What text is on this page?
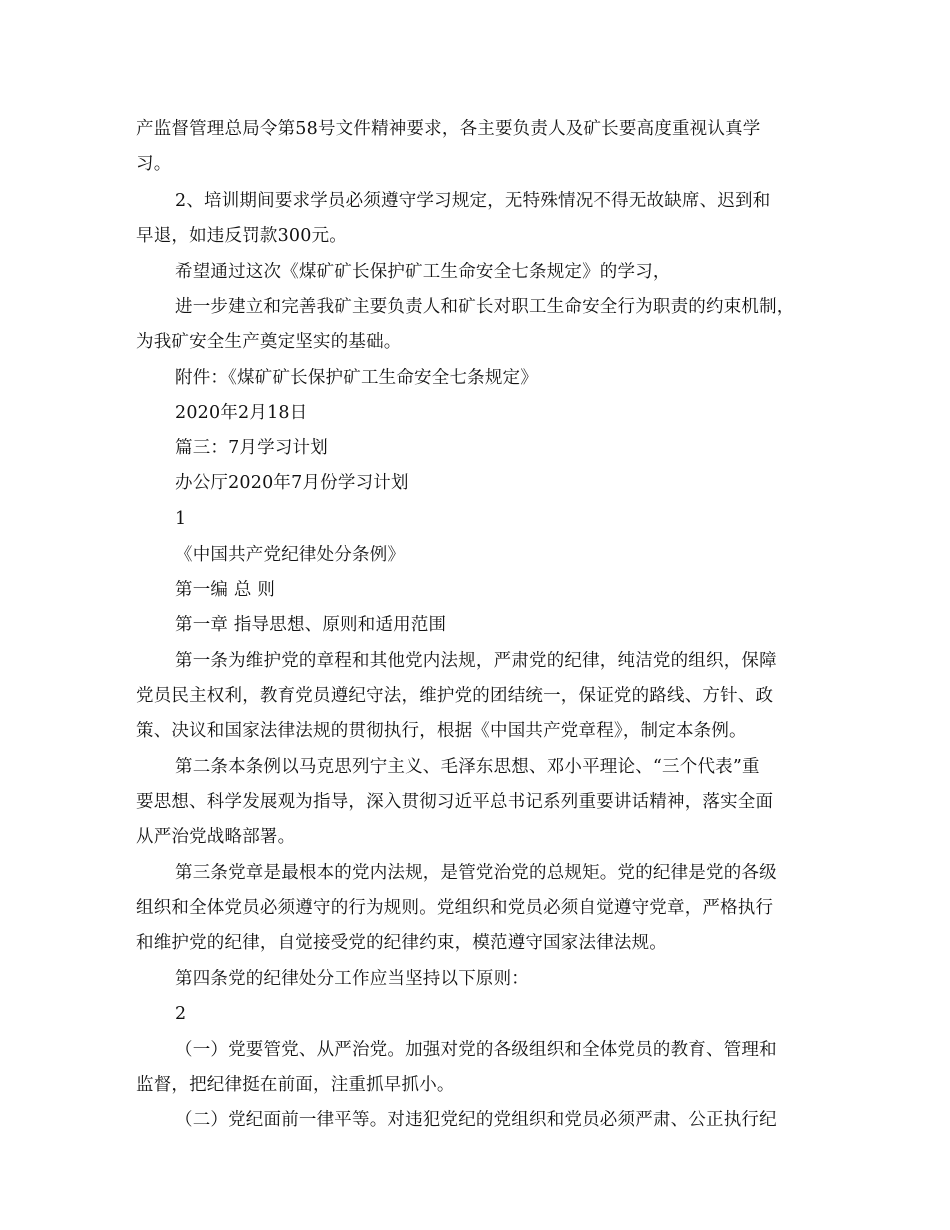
产监督管理总局令第58号文件精神要求，各主要负责人及矿长要高度重视认真学
习。
2、培训期间要求学员必须遵守学习规定，无特殊情况不得无故缺席、迟到和
早退，如违反罚款300元。
希望通过这次《煤矿矿长保护矿工生命安全七条规定》的学习，
进一步建立和完善我矿主要负责人和矿长对职工生命安全行为职责的约束机制，
为我矿安全生产奠定坚实的基础。
附件：《煤矿矿长保护矿工生命安全七条规定》
2020年2月18日
篇三：7月学习计划
办公厅2020年7月份学习计划
1
《中国共产党纪律处分条例》
第一编 总 则
第一章 指导思想、原则和适用范围
第一条为维护党的章程和其他党内法规，严肃党的纪律，纯洁党的组织，保障
党员民主权利，教育党员遵纪守法，维护党的团结统一，保证党的路线、方针、政
策、决议和国家法律法规的贯彻执行，根据《中国共产党章程》，制定本条例。
第二条本条例以马克思列宁主义、毛泽东思想、邓小平理论、“三个代表”重
要思想、科学发展观为指导，深入贯彻习近平总书记系列重要讲话精神，落实全面
从严治党战略部署。
第三条党章是最根本的党内法规，是管党治党的总规矩。党的纪律是党的各级
组织和全体党员必须遵守的行为规则。党组织和党员必须自觉遵守党章，严格执行
和维护党的纪律，自觉接受党的纪律约束，模范遵守国家法律法规。
第四条党的纪律处分工作应当坚持以下原则：
2
（一）党要管党、从严治党。加强对党的各级组织和全体党员的教育、管理和
监督，把纪律挺在前面，注重抓早抓小。
（二）党纪面前一律平等。对违犯党纪的党组织和党员必须严肃、公正执行纪
